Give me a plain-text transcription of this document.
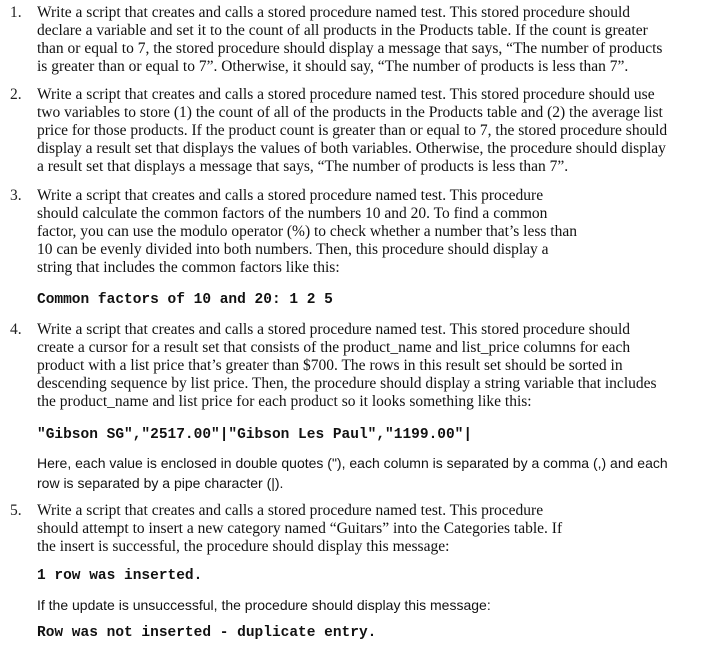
1. Write a script that creates and calls a stored procedure named test. This stored procedure should
declare a variable and set it to the count of all products in the Products table. If the count is greater
than or equal to 7, the stored procedure should display a message that says, “The number of products
is greater than or equal to 7”. Otherwise, it should say, “The number of products is less than 7”.
2. Write a script that creates and calls a stored procedure named test. This stored procedure should use
two variables to store (1) the count of all of the products in the Products table and (2) the average list
price for those products. If the product count is greater than or equal to 7, the stored procedure should
display a result set that displays the values of both variables. Otherwise, the procedure should display
a result set that displays a message that says, “The number of products is less than 7”.
3. Write a script that creates and calls a stored procedure named test. This procedure
should calculate the common factors of the numbers 10 and 20. To find a common
factor, you can use the modulo operator (%) to check whether a number that’s less than
10 can be evenly divided into both numbers. Then, this procedure should display a
string that includes the common factors like this:
Common factors of 10 and 20: 1 2 5
4. Write a script that creates and calls a stored procedure named test. This stored procedure should
create a cursor for a result set that consists of the product_name and list_price columns for each
product with a list price that’s greater than $700. The rows in this result set should be sorted in
descending sequence by list price. Then, the procedure should display a string variable that includes
the product_name and list price for each product so it looks something like this:
"Gibson SG","2517.00"|"Gibson Les Paul","1199.00"|
Here, each value is enclosed in double quotes ("), each column is separated by a comma (,) and each
row is separated by a pipe character (|).
5. Write a script that creates and calls a stored procedure named test. This procedure
should attempt to insert a new category named “Guitars” into the Categories table. If
the insert is successful, the procedure should display this message:
1 row was inserted.
If the update is unsuccessful, the procedure should display this message:
Row was not inserted - duplicate entry.
